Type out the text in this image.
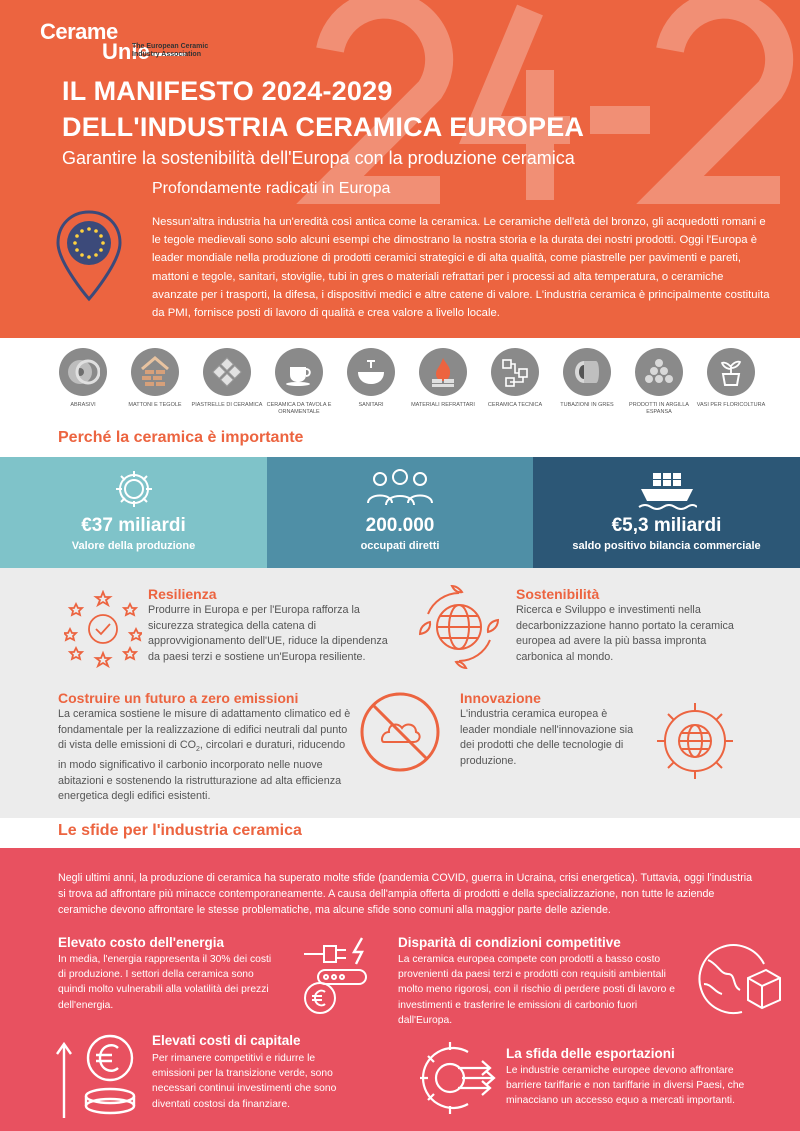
Cerame
Unie
The European Ceramic
Industry Association
IL MANIFESTO 2024-2029
DELL'INDUSTRIA CERAMICA EUROPEA
Garantire la sostenibilità dell'Europa con la produzione ceramica
Profondamente radicati in Europa
Nessun'altra industria ha un'eredità così antica come la ceramica. Le ceramiche dell'età del bronzo, gli acquedotti romani e le tegole medievali sono solo alcuni esempi che dimostrano la nostra storia e la durata dei nostri prodotti. Oggi l'Europa è leader mondiale nella produzione di prodotti ceramici strategici e di alta qualità, come piastrelle per pavimenti e pareti, mattoni e tegole, sanitari, stoviglie, tubi in gres o materiali refrattari per i processi ad alta temperatura, o ceramiche avanzate per i trasporti, la difesa, i dispositivi medici e altre catene di valore. L'industria ceramica è principalmente costituita da PMI, fornisce posti di lavoro di qualità e crea valore a livello locale.
ABRASIVI	MATTONI E TEGOLE	PIASTRELLE DI CERAMICA CERAMICA DA TAVOLA E ORNAMENTALE
SANITARI	MATERIALI REFRATTARI	CERAMICA TECNICA	TUBAZIONI IN GRES	PRODOTTI IN ARGILLA ESPANSA
VASI PER FLORICOLTURA
Perché la ceramica è importante
€37 miliardi
Valore della produzione
200.000
occupati diretti
€5,3 miliardi
saldo positivo bilancia commerciale
Resilienza
Produrre in Europa e per l'Europa rafforza la sicurezza strategica della catena di approvvigionamento dell'UE, riduce la dipendenza da paesi terzi e sostiene un'Europa resiliente.
Sostenibilità
Ricerca e Sviluppo e investimenti nella decarbonizzazione hanno portato la ceramica europea ad avere la più bassa impronta carbonica al mondo.
Costruire un futuro a zero emissioni
La ceramica sostiene le misure di adattamento climatico ed è fondamentale per la realizzazione di edifici neutrali dal punto di vista delle emissioni di $CO_2$, circolari e duraturi, riducendo in modo significativo il carbonio incorporato nelle nuove abitazioni e sostenendo la ristrutturazione ad alta efficienza energetica degli edifici esistenti.
Innovazione
L'industria ceramica europea è leader mondiale nell'innovazione sia dei prodotti che delle tecnologie di produzione.
Le sfide per l'industria ceramica
Negli ultimi anni, la produzione di ceramica ha superato molte sfide (pandemia COVID, guerra in Ucraina, crisi energetica). Tuttavia, oggi l'industria si trova ad affrontare più minacce contemporaneamente. A causa dell'ampia offerta di prodotti e della specializzazione, non tutte le aziende ceramiche devono affrontare le stesse problematiche, ma alcune sfide sono comuni alla maggior parte delle aziende.
Elevato costo dell'energia
In media, l'energia rappresenta il 30% dei costi di produzione. I settori della ceramica sono quindi molto vulnerabili alla volatilità dei prezzi dell'energia.
Disparità di condizioni competitive
La ceramica europea compete con prodotti a basso costo provenienti da paesi terzi e prodotti con requisiti ambientali molto meno rigorosi, con il rischio di perdere posti di lavoro e investimenti e trasferire le emissioni di carbonio fuori dall'Europa.
Elevati costi di capitale
Per rimanere competitivi e ridurre le emissioni per la transizione verde, sono necessari continui investimenti che sono diventati costosi da finanziare.
La sfida delle esportazioni
Le industrie ceramiche europee devono affrontare barriere tariffarie e non tariffarie in diversi Paesi, che minacciano un accesso equo a mercati importanti.
